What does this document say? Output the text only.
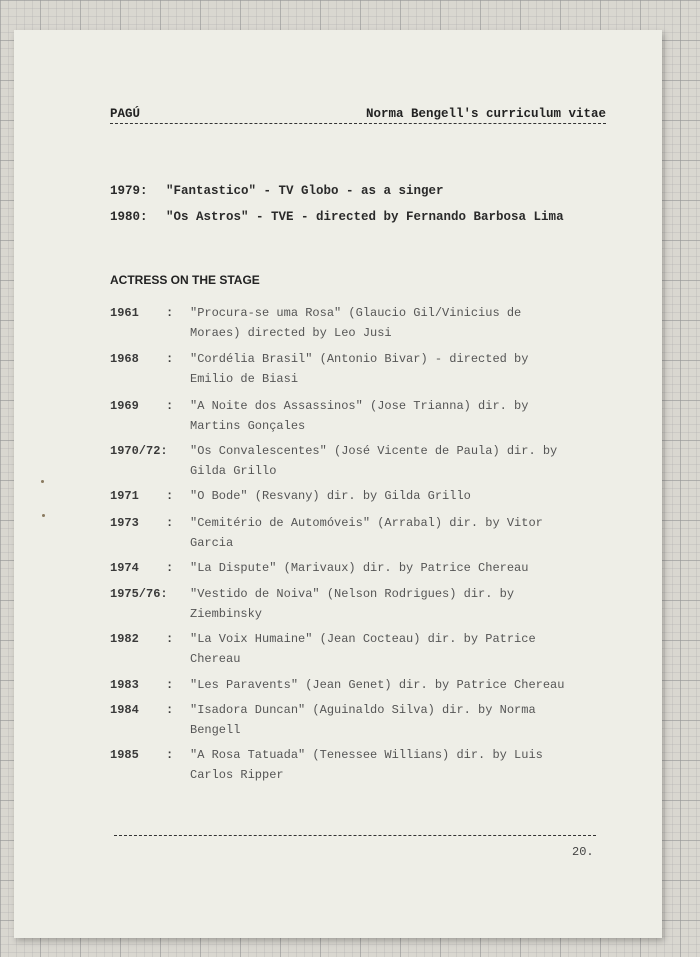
PAGÚ	Norma Bengell's curriculum vitae
1979: "Fantastico" - TV Globo - as a singer
1980: "Os Astros" - TVE - directed by Fernando Barbosa Lima
ACTRESS ON THE STAGE
1961 : "Procura-se uma Rosa" (Glaucio Gil/Vinicius de
Moraes) directed by Leo Jusi
1968 : "Cordélia Brasil" (Antonio Bivar) - directed by
Emilio de Biasi
1969 : "A Noite dos Assassinos" (Jose Trianna) dir. by
Martins Gonçales
1970/72: "Os Convalescentes" (José Vicente de Paula) dir. by
Gilda Grillo
1971 : "O Bode" (Resvany) dir. by Gilda Grillo
1973 : "Cemitério de Automóveis" (Arrabal) dir. by Vitor
Garcia
1974 : "La Dispute" (Marivaux) dir. by Patrice Chereau
1975/76: "Vestido de Noiva" (Nelson Rodrigues) dir. by
Ziembinsky
1982 : "La Voix Humaine" (Jean Cocteau) dir. by Patrice
Chereau
1983 : "Les Paravents" (Jean Genet) dir. by Patrice Chereau
1984 : "Isadora Duncan" (Aguinaldo Silva) dir. by Norma
Bengell
1985 : "A Rosa Tatuada" (Tenessee Willians) dir. by Luis
Carlos Ripper
20.
